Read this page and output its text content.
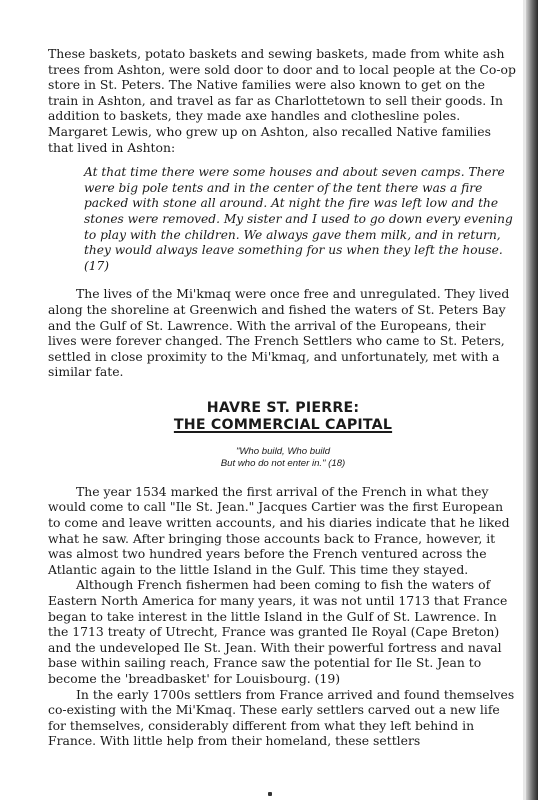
These baskets, potato baskets and sewing baskets, made from white ash trees from Ashton, were sold door to door and to local people at the Co-op store in St. Peters. The Native families were also known to get on the train in Ashton, and travel as far as Charlottetown to sell their goods. In addition to baskets, they made axe handles and clothesline poles. Margaret Lewis, who grew up on Ashton, also recalled Native families that lived in Ashton:

At that time there were some houses and about seven camps. There were big pole tents and in the center of the tent there was a fire packed with stone all around. At night the fire was left low and the stones were removed. My sister and I used to go down every evening to play with the children. We always gave them milk, and in return, they would always leave something for us when they left the house. (17)

The lives of the Mi'kmaq were once free and unregulated. They lived along the shoreline at Greenwich and fished the waters of St. Peters Bay and the Gulf of St. Lawrence. With the arrival of the Europeans, their lives were forever changed. The French Settlers who came to St. Peters, settled in close proximity to the Mi'kmaq, and unfortunately, met with a similar fate.

HAVRE ST. PIERRE:
THE COMMERCIAL CAPITAL
"Who build, Who build
But who do not enter in." (18)

The year 1534 marked the first arrival of the French in what they would come to call "Ile St. Jean." Jacques Cartier was the first European to come and leave written accounts, and his diaries indicate that he liked what he saw. After bringing those accounts back to France, however, it was almost two hundred years before the French ventured across the Atlantic again to the little Island in the Gulf. This time they stayed.

Although French fishermen had been coming to fish the waters of Eastern North America for many years, it was not until 1713 that France began to take interest in the little Island in the Gulf of St. Lawrence. In the 1713 treaty of Utrecht, France was granted Ile Royal (Cape Breton) and the undeveloped Ile St. Jean. With their powerful fortress and naval base within sailing reach, France saw the potential for Ile St. Jean to become the 'breadbasket' for Louisbourg. (19)

In the early 1700s settlers from France arrived and found themselves co-existing with the Mi'Kmaq. These early settlers carved out a new life for themselves, considerably different from what they left behind in France. With little help from their homeland, these settlers
